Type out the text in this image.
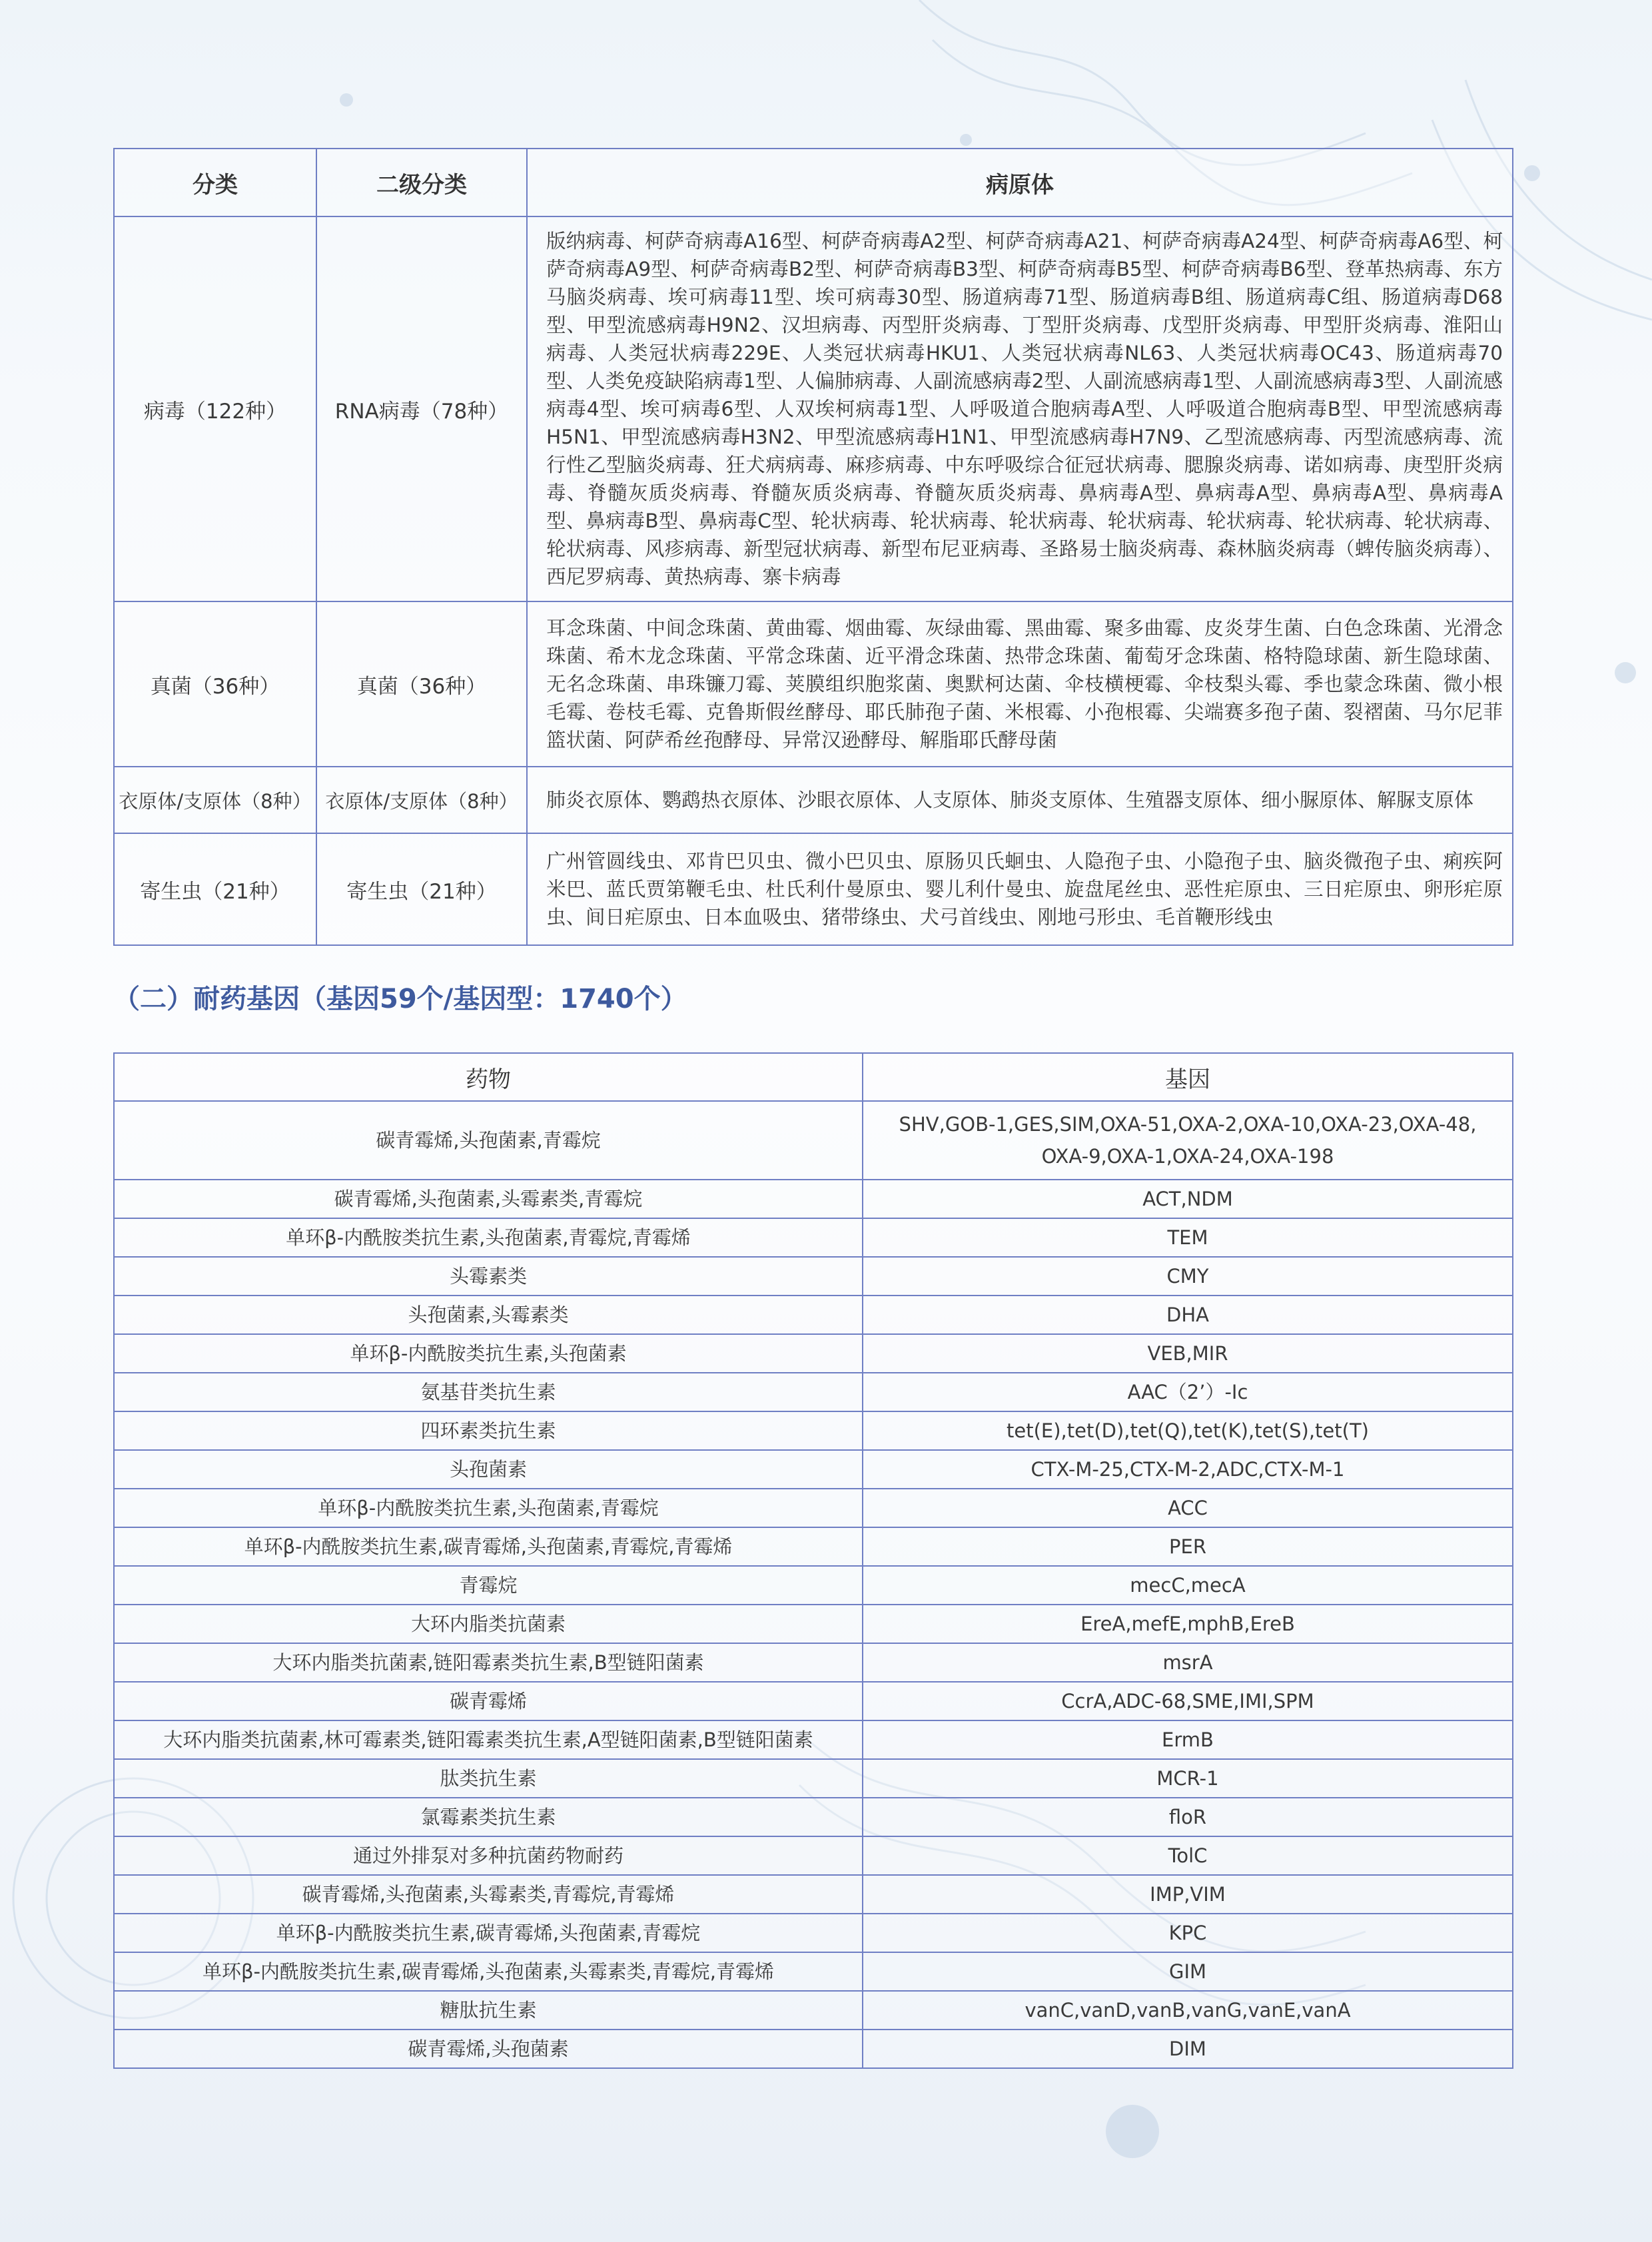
分类	二级分类	病原体
病毒（122种）	RNA病毒（78种）	版纳病毒、柯萨奇病毒A16型、柯萨奇病毒A2型、柯萨奇病毒A21、柯萨奇病毒A24型、柯萨奇病毒A6型、柯萨奇病毒A9型、柯萨奇病毒B2型、柯萨奇病毒B3型、柯萨奇病毒B5型、柯萨奇病毒B6型、登革热病毒、东方马脑炎病毒、埃可病毒11型、埃可病毒30型、肠道病毒71型、肠道病毒B组、肠道病毒C组、肠道病毒D68型、甲型流感病毒H9N2、汉坦病毒、丙型肝炎病毒、丁型肝炎病毒、戊型肝炎病毒、甲型肝炎病毒、淮阳山病毒、人类冠状病毒229E、人类冠状病毒HKU1、人类冠状病毒NL63、人类冠状病毒OC43、肠道病毒70型、人类免疫缺陷病毒1型、人偏肺病毒、人副流感病毒2型、人副流感病毒1型、人副流感病毒3型、人副流感病毒4型、埃可病毒6型、人双埃柯病毒1型、人呼吸道合胞病毒A型、人呼吸道合胞病毒B型、甲型流感病毒H5N1、甲型流感病毒H3N2、甲型流感病毒H1N1、甲型流感病毒H7N9、乙型流感病毒、丙型流感病毒、流行性乙型脑炎病毒、狂犬病病毒、麻疹病毒、中东呼吸综合征冠状病毒、腮腺炎病毒、诺如病毒、庚型肝炎病毒、脊髓灰质炎病毒、脊髓灰质炎病毒、脊髓灰质炎病毒、鼻病毒A型、鼻病毒A型、鼻病毒A型、鼻病毒A型、鼻病毒B型、鼻病毒C型、轮状病毒、轮状病毒、轮状病毒、轮状病毒、轮状病毒、轮状病毒、轮状病毒、轮状病毒、风疹病毒、新型冠状病毒、新型布尼亚病毒、圣路易士脑炎病毒、森林脑炎病毒（蜱传脑炎病毒）、西尼罗病毒、黄热病毒、寨卡病毒
真菌（36种）	真菌（36种）	耳念珠菌、中间念珠菌、黄曲霉、烟曲霉、灰绿曲霉、黑曲霉、聚多曲霉、皮炎芽生菌、白色念珠菌、光滑念珠菌、希木龙念珠菌、平常念珠菌、近平滑念珠菌、热带念珠菌、葡萄牙念珠菌、格特隐球菌、新生隐球菌、无名念珠菌、串珠镰刀霉、荚膜组织胞浆菌、奥默柯达菌、伞枝横梗霉、伞枝梨头霉、季也蒙念珠菌、微小根毛霉、卷枝毛霉、克鲁斯假丝酵母、耶氏肺孢子菌、米根霉、小孢根霉、尖端赛多孢子菌、裂褶菌、马尔尼菲篮状菌、阿萨希丝孢酵母、异常汉逊酵母、解脂耶氏酵母菌
衣原体/支原体（8种）	衣原体/支原体（8种）	肺炎衣原体、鹦鹉热衣原体、沙眼衣原体、人支原体、肺炎支原体、生殖器支原体、细小脲原体、解脲支原体
寄生虫（21种）	寄生虫（21种）	广州管圆线虫、邓肯巴贝虫、微小巴贝虫、原肠贝氏蛔虫、人隐孢子虫、小隐孢子虫、脑炎微孢子虫、痢疾阿米巴、蓝氏贾第鞭毛虫、杜氏利什曼原虫、婴儿利什曼虫、旋盘尾丝虫、恶性疟原虫、三日疟原虫、卵形疟原虫、间日疟原虫、日本血吸虫、猪带绦虫、犬弓首线虫、刚地弓形虫、毛首鞭形线虫
（二）耐药基因（基因59个/基因型：1740个）
药物	基因
碳青霉烯,头孢菌素,青霉烷	SHV,GOB-1,GES,SIM,OXA-51,OXA-2,OXA-10,OXA-23,OXA-48,
OXA-9,OXA-1,OXA-24,OXA-198

碳青霉烯,头孢菌素,头霉素类,青霉烷	ACT,NDM

单环β-内酰胺类抗生素,头孢菌素,青霉烷,青霉烯	TEM

头霉素类	CMY

头孢菌素,头霉素类	DHA

单环β-内酰胺类抗生素,头孢菌素	VEB,MIR

氨基苷类抗生素	AAC（2’）-Ic

四环素类抗生素	tet(E),tet(D),tet(Q),tet(K),tet(S),tet(T)

头孢菌素	CTX-M-25,CTX-M-2,ADC,CTX-M-1

单环β-内酰胺类抗生素,头孢菌素,青霉烷	ACC

单环β-内酰胺类抗生素,碳青霉烯,头孢菌素,青霉烷,青霉烯	PER

青霉烷	mecC,mecA

大环内脂类抗菌素	EreA,mefE,mphB,EreB

大环内脂类抗菌素,链阳霉素类抗生素,B型链阳菌素	msrA

碳青霉烯	CcrA,ADC-68,SME,IMI,SPM

大环内脂类抗菌素,林可霉素类,链阳霉素类抗生素,A型链阳菌素,B型链阳菌素	ErmB

肽类抗生素	MCR-1

氯霉素类抗生素	floR

通过外排泵对多种抗菌药物耐药	TolC

碳青霉烯,头孢菌素,头霉素类,青霉烷,青霉烯	IMP,VIM

单环β-内酰胺类抗生素,碳青霉烯,头孢菌素,青霉烷	KPC

单环β-内酰胺类抗生素,碳青霉烯,头孢菌素,头霉素类,青霉烷,青霉烯	GIM

糖肽抗生素	vanC,vanD,vanB,vanG,vanE,vanA

碳青霉烯,头孢菌素	DIM
